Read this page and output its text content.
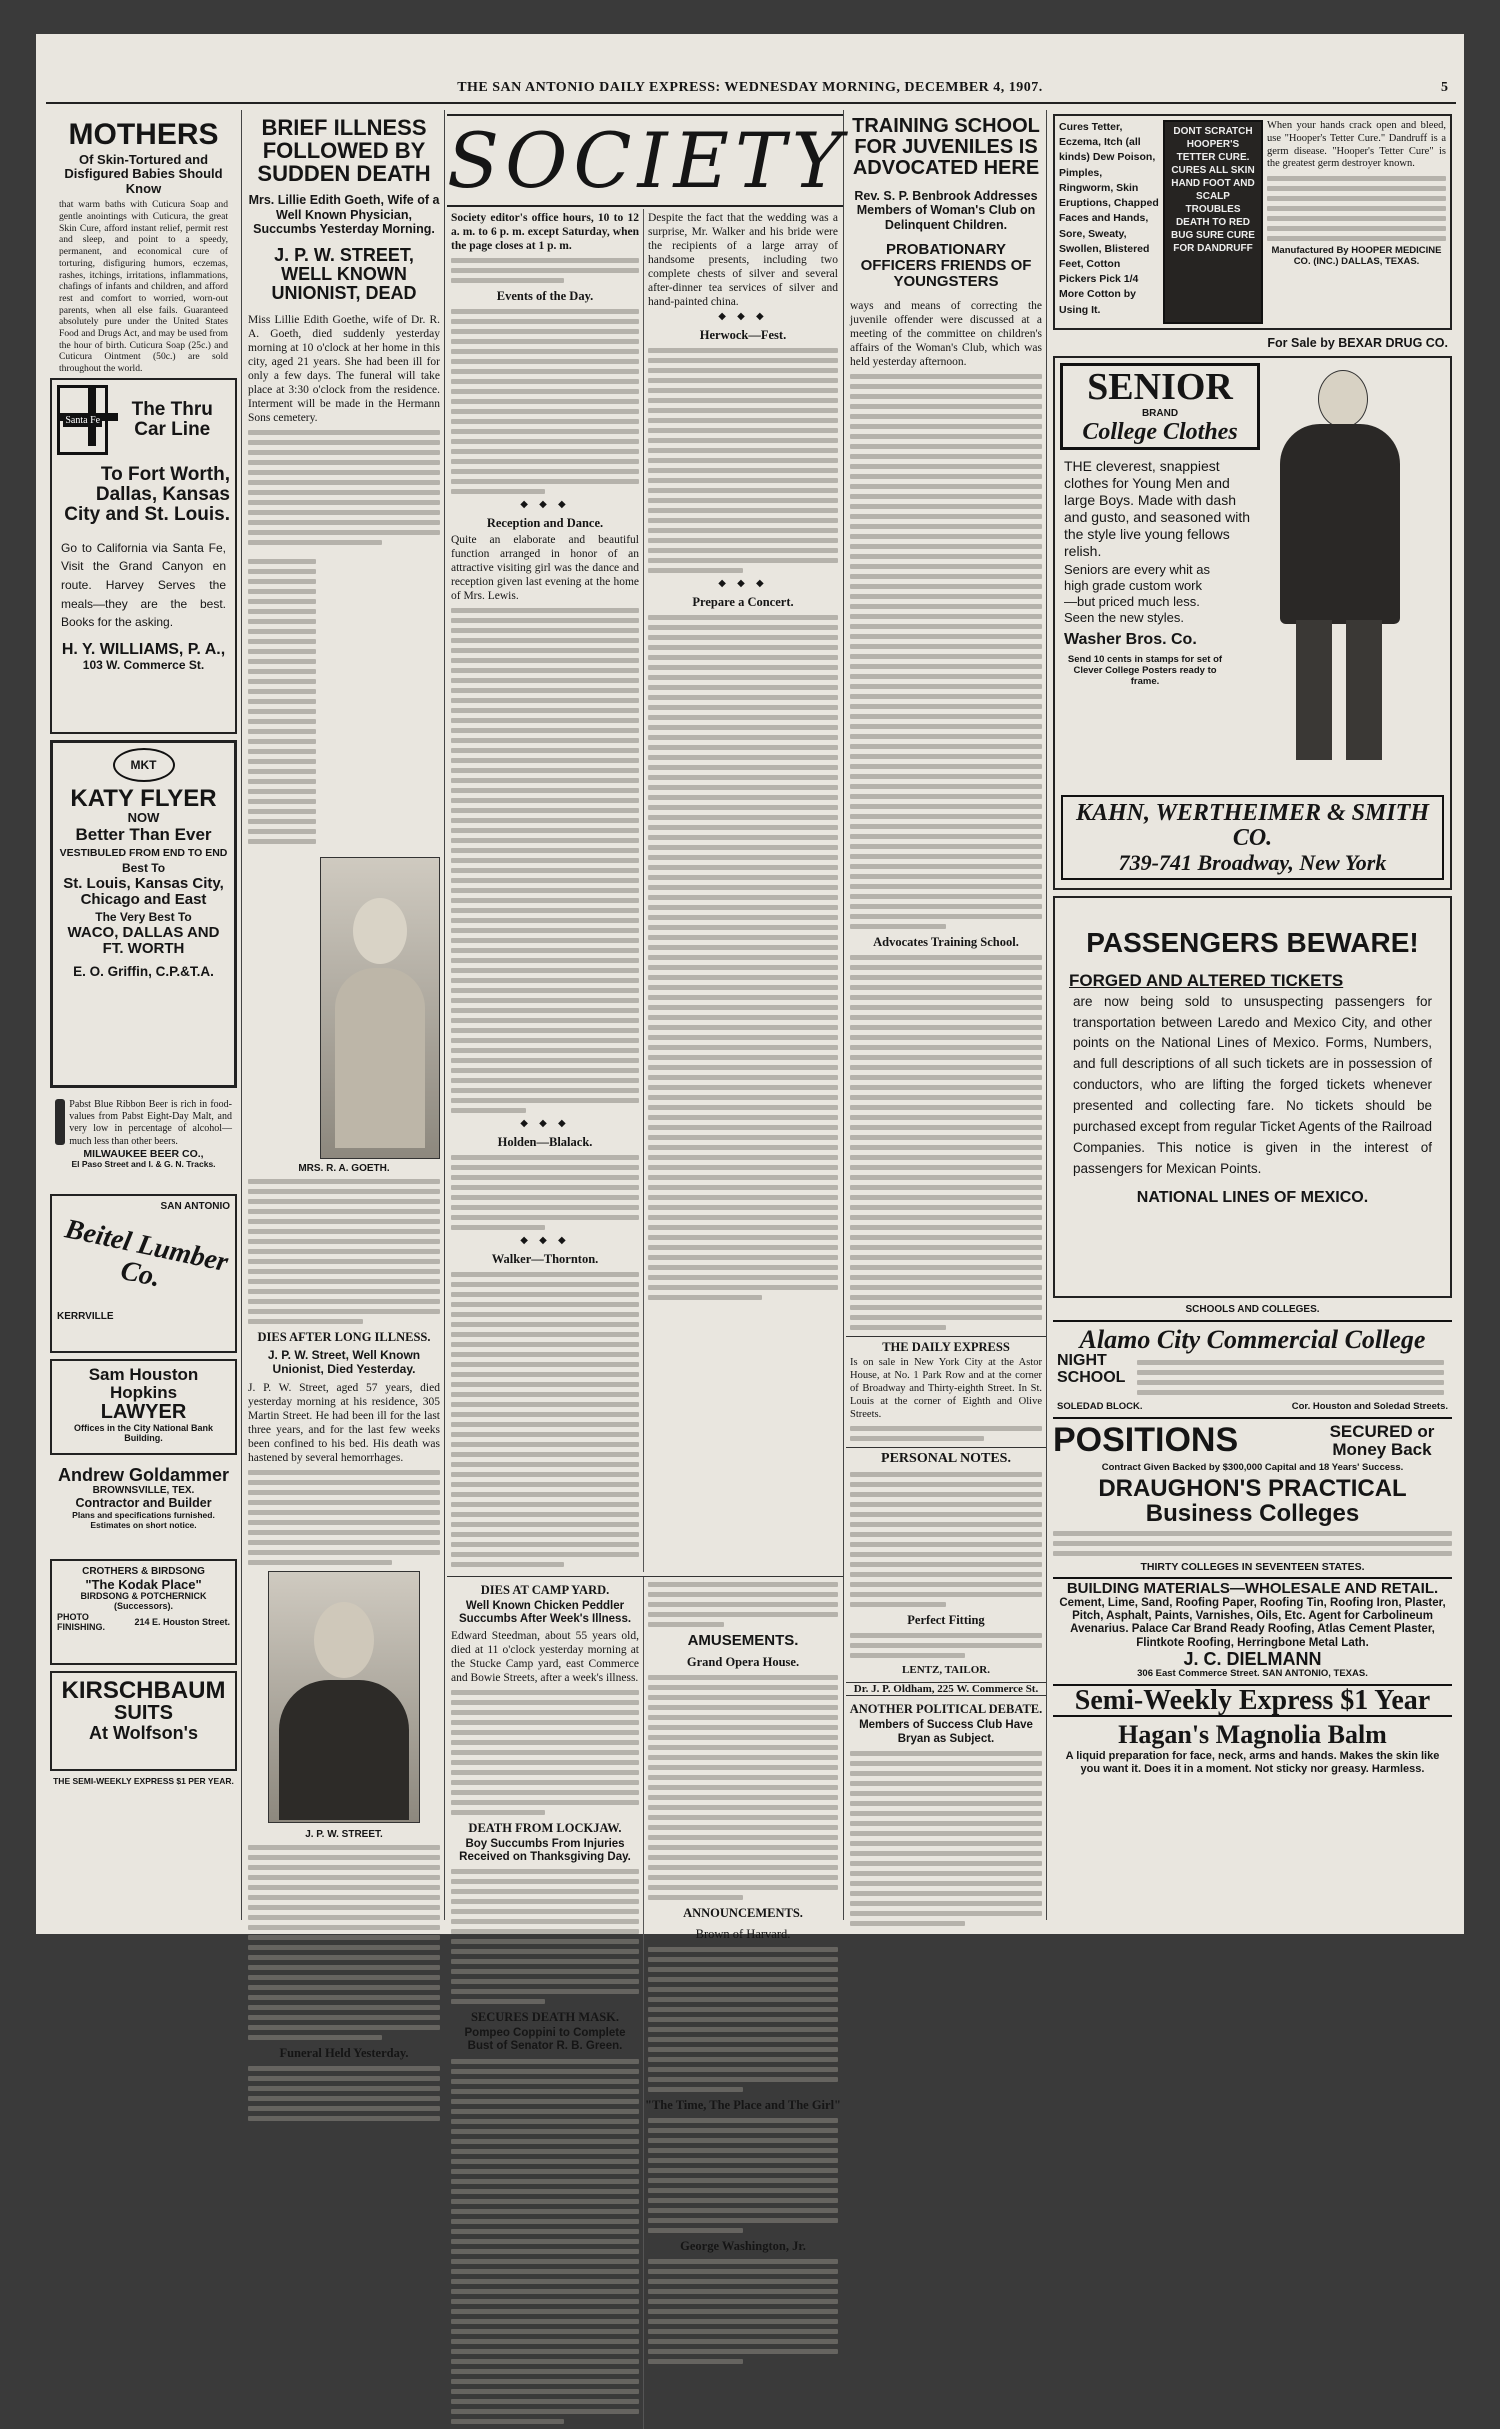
THE SAN ANTONIO DAILY EXPRESS: WEDNESDAY MORNING, DECEMBER 4, 1907.	5
MOTHERS
Of Skin-Tortured and Disfigured Babies Should Know
that warm baths with Cuticura Soap and gentle anointings with Cuticura, the great Skin Cure, afford instant relief, permit rest and sleep, and point to a speedy, permanent, and economical cure of torturing, disfiguring humors, eczemas, rashes, itchings, irritations, inflammations, chafings of infants and children, and afford rest and comfort to worried, worn-out parents, when all else fails. Guaranteed absolutely pure under the United States Food and Drugs Act, and may be used from the hour of birth. Cuticura Soap (25c.) and Cuticura Ointment (50c.) are sold throughout the world.
Santa Fe	The Thru Car Line
To Fort Worth, Dallas, Kansas City and St. Louis.
Go to California via Santa Fe, Visit the Grand Canyon en route. Harvey Serves the meals—they are the best. Books for the asking.
H. Y. WILLIAMS, P. A.,
103 W. Commerce St.
MKT
KATY FLYER
NOW
Better Than Ever
VESTIBULED FROM END TO END
Best To
St. Louis, Kansas City, Chicago and East
The Very Best To
WACO, DALLAS AND FT. WORTH
E. O. Griffin, C.P.&T.A.
Pabst Blue Ribbon Beer is rich in food-values from Pabst Eight-Day Malt, and very low in percentage of alcohol—much less than other beers.
MILWAUKEE BEER CO.,
El Paso Street and I. & G. N. Tracks.
SAN ANTONIO
Beitel Lumber Co.
KERRVILLE
Sam Houston Hopkins
LAWYER
Offices in the City National Bank Building.
Andrew Goldammer
BROWNSVILLE, TEX.
Contractor and Builder
Plans and specifications furnished. Estimates on short notice.
CROTHERS & BIRDSONG
"The Kodak Place"
BIRDSONG & POTCHERNICK (Successors).
PHOTO FINISHING.
214 E. Houston Street.
KIRSCHBAUM
SUITS
At Wolfson's
THE SEMI-WEEKLY EXPRESS $1 PER YEAR.
BRIEF ILLNESS FOLLOWED BY SUDDEN DEATH
Mrs. Lillie Edith Goeth, Wife of a Well Known Physician, Succumbs Yesterday Morning.
J. P. W. STREET, WELL KNOWN UNIONIST, DEAD
Miss Lillie Edith Goethe, wife of Dr. R. A. Goeth, died suddenly yesterday morning at 10 o'clock at her home in this city, aged 21 years. She had been ill for only a few days. The funeral will take place at 3:30 o'clock from the residence. Interment will be made in the Hermann Sons cemetery.
MRS. R. A. GOETH.
DIES AFTER LONG ILLNESS.
J. P. W. Street, Well Known Unionist, Died Yesterday.
J. P. W. Street, aged 57 years, died yesterday morning at his residence, 305 Martin Street. He had been ill for the last three years, and for the last few weeks been confined to his bed. His death was hastened by several hemorrhages.
J. P. W. STREET.
Funeral Held Yesterday.
SOCIETY
Society editor's office hours, 10 to 12 a. m. to 6 p. m. except Saturday, when the page closes at 1 p. m.
Events of the Day.
◆ ◆ ◆
Reception and Dance.
Quite an elaborate and beautiful function arranged in honor of an attractive visiting girl was the dance and reception given last evening at the home of Mrs. Lewis.
◆ ◆ ◆
Holden—Blalack.
◆ ◆ ◆
Walker—Thornton.
Despite the fact that the wedding was a surprise, Mr. Walker and his bride were the recipients of a large array of handsome presents, including two complete chests of silver and several after-dinner tea services of silver and hand-painted china.
◆ ◆ ◆
Herwock—Fest.
◆ ◆ ◆
Prepare a Concert.
DIES AT CAMP YARD.
Well Known Chicken Peddler Succumbs After Week's Illness.
Edward Steedman, about 55 years old, died at 11 o'clock yesterday morning at the Stucke Camp yard, east Commerce and Bowie Streets, after a week's illness.
DEATH FROM LOCKJAW.
Boy Succumbs From Injuries Received on Thanksgiving Day.
SECURES DEATH MASK.
Pompeo Coppini to Complete Bust of Senator R. B. Green.
AMUSEMENTS.
Grand Opera House.
ANNOUNCEMENTS.
Brown of Harvard.
"The Time, The Place and The Girl"
George Washington, Jr.
TRAINING SCHOOL FOR JUVENILES IS ADVOCATED HERE
Rev. S. P. Benbrook Addresses Members of Woman's Club on Delinquent Children.
PROBATIONARY OFFICERS FRIENDS OF YOUNGSTERS
ways and means of correcting the juvenile offender were discussed at a meeting of the committee on children's affairs of the Woman's Club, which was held yesterday afternoon.
Advocates Training School.
THE DAILY EXPRESS
Is on sale in New York City at the Astor House, at No. 1 Park Row and at the corner of Broadway and Thirty-eighth Street. In St. Louis at the corner of Eighth and Olive Streets.
PERSONAL NOTES.
Perfect Fitting
LENTZ, TAILOR.
Dr. J. P. Oldham, 225 W. Commerce St.
ANOTHER POLITICAL DEBATE.
Members of Success Club Have Bryan as Subject.
Cures Tetter, Eczema, Itch (all kinds) Dew Poison, Pimples, Ringworm, Skin Eruptions, Chapped Faces and Hands, Sore, Sweaty, Swollen, Blistered Feet, Cotton Pickers Pick 1/4 More Cotton by Using It.
DONT SCRATCH HOOPER'S TETTER CURE. CURES ALL SKIN HAND FOOT AND SCALP TROUBLES DEATH TO RED BUG SURE CURE FOR DANDRUFF
When your hands crack open and bleed, use "Hooper's Tetter Cure." Dandruff is a germ disease. "Hooper's Tetter Cure" is the greatest germ destroyer known.
Manufactured By HOOPER MEDICINE CO. (INC.) DALLAS, TEXAS.
For Sale by BEXAR DRUG CO.
SENIOR
BRAND
College Clothes
THE cleverest, snappiest clothes for Young Men and large Boys. Made with dash and gusto, and seasoned with the style live young fellows relish.
Seniors are every whit as high grade custom work—but priced much less. Seen the new styles.
Washer Bros. Co.
Send 10 cents in stamps for set of Clever College Posters ready to frame.
KAHN, WERTHEIMER & SMITH CO.
739-741 Broadway, New York
PASSENGERS BEWARE!
FORGED AND ALTERED TICKETS
are now being sold to unsuspecting passengers for transportation between Laredo and Mexico City, and other points on the National Lines of Mexico. Forms, Numbers, and full descriptions of all such tickets are in possession of conductors, who are lifting the forged tickets whenever presented and collecting fare. No tickets should be purchased except from regular Ticket Agents of the Railroad Companies. This notice is given in the interest of passengers for Mexican Points.
NATIONAL LINES OF MEXICO.
SCHOOLS AND COLLEGES.
Alamo City Commercial College
NIGHT SCHOOL
SOLEDAD BLOCK.	Cor. Houston and Soledad Streets.
POSITIONS	SECURED or Money Back
Contract Given Backed by $300,000 Capital and 18 Years' Success.
DRAUGHON'S PRACTICAL Business Colleges
THIRTY COLLEGES IN SEVENTEEN STATES.
BUILDING MATERIALS—WHOLESALE AND RETAIL.
Cement, Lime, Sand, Roofing Paper, Roofing Tin, Roofing Iron, Plaster, Pitch, Asphalt, Paints, Varnishes, Oils, Etc. Agent for Carbolineum Avenarius. Palace Car Brand Ready Roofing, Atlas Cement Plaster, Flintkote Roofing, Herringbone Metal Lath.
J. C. DIELMANN
306 East Commerce Street. SAN ANTONIO, TEXAS.
Semi-Weekly Express $1 Year
Hagan's Magnolia Balm
A liquid preparation for face, neck, arms and hands. Makes the skin like you want it. Does it in a moment. Not sticky nor greasy. Harmless.
